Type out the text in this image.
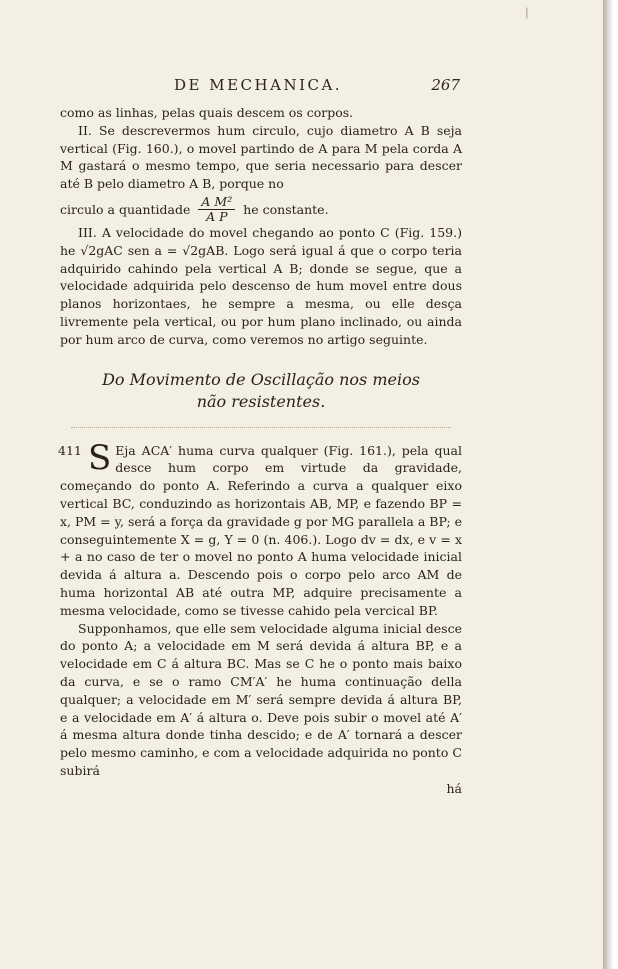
|
DE MECHANICA.	267

como as linhas, pelas quais descem os corpos.

II. Se descrevermos hum circulo, cujo diametro A B seja vertical (Fig. 160.), o movel partindo de A para M pela corda A M gastará o mesmo tempo, que seria necessario para descer até B pelo diametro A B, porque no

circulo a quantidade $\frac{\text{A M²}}{\text{A P}}$ he constante.

III. A velocidade do movel chegando ao ponto C (Fig. 159.) he √2gAC sen a = √2gAB. Logo será igual á que o corpo teria adquirido cahindo pela vertical A B; donde se segue, que a velocidade adquirida pelo descenso de hum movel entre dous planos horizontaes, he sempre a mesma, ou elle desça livremente pela vertical, ou por hum plano inclinado, ou ainda por hum arco de curva, como veremos no artigo seguinte.

Do Movimento de Oscillação nos meios
não resistentes.
411 S Eja ACA′ huma curva qualquer (Fig. 161.), pela qual desce hum corpo em virtude da gravidade, começando do ponto A. Referindo a curva a qualquer eixo vertical BC, conduzindo as horizontais AB, MP, e fazendo BP = x, PM = y, será a força da gravidade g por MG parallela a BP; e conseguintemente X = g, Y = 0 (n. 406.). Logo dv = dx, e v = x + a no caso de ter o movel no ponto A huma velocidade inicial devida á altura a. Descendo pois o corpo pelo arco AM de huma horizontal AB até outra MP, adquire precisamente a mesma velocidade, como se tivesse cahido pela vercical BP.

Supponhamos, que elle sem velocidade alguma inicial desce do ponto A; a velocidade em M será devida á altura BP, e a velocidade em C á altura BC. Mas se C he o ponto mais baixo da curva, e se o ramo CM′A′ he huma continuação della qualquer; a velocidade em M′ será sempre devida á altura BP, e a velocidade em A′ á altura o. Deve pois subir o movel até A′ á mesma altura donde tinha descido; e de A′ tornará a descer pelo mesmo caminho, e com a velocidade adquirida no ponto C subirá

há
